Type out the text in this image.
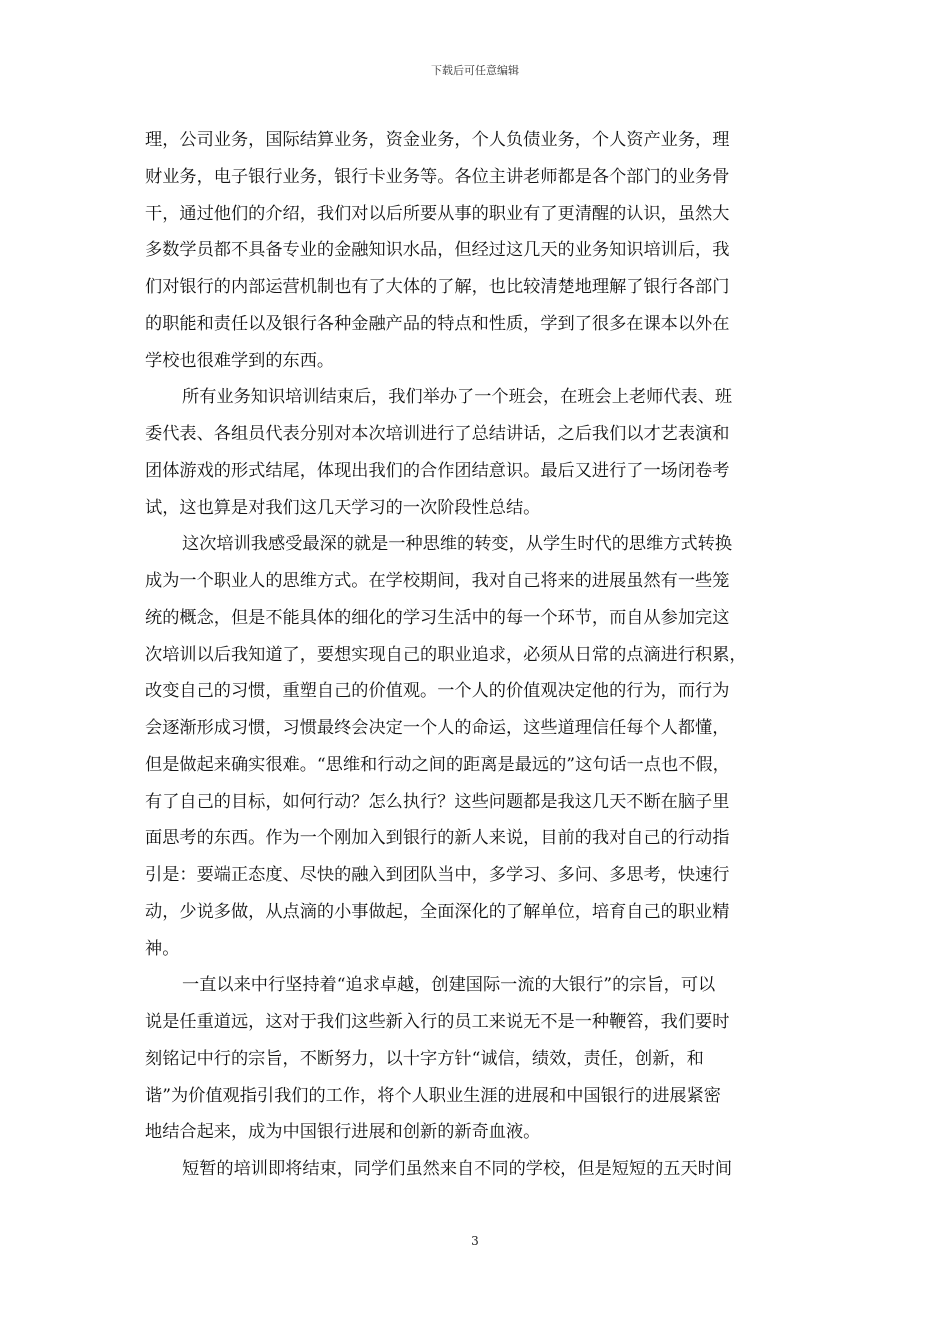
下载后可任意编辑
理，公司业务，国际结算业务，资金业务，个人负债业务，个人资产业务，理
财业务，电子银行业务，银行卡业务等。各位主讲老师都是各个部门的业务骨
干，通过他们的介绍，我们对以后所要从事的职业有了更清醒的认识，虽然大
多数学员都不具备专业的金融知识水品，但经过这几天的业务知识培训后，我
们对银行的内部运营机制也有了大体的了解，也比较清楚地理解了银行各部门
的职能和责任以及银行各种金融产品的特点和性质，学到了很多在课本以外在
学校也很难学到的东西。
所有业务知识培训结束后，我们举办了一个班会，在班会上老师代表、班
委代表、各组员代表分别对本次培训进行了总结讲话，之后我们以才艺表演和
团体游戏的形式结尾，体现出我们的合作团结意识。最后又进行了一场闭卷考
试，这也算是对我们这几天学习的一次阶段性总结。
这次培训我感受最深的就是一种思维的转变，从学生时代的思维方式转换
成为一个职业人的思维方式。在学校期间，我对自己将来的进展虽然有一些笼
统的概念，但是不能具体的细化的学习生活中的每一个环节，而自从参加完这
次培训以后我知道了，要想实现自己的职业追求，必须从日常的点滴进行积累，
改变自己的习惯，重塑自己的价值观。一个人的价值观决定他的行为，而行为
会逐渐形成习惯，习惯最终会决定一个人的命运，这些道理信任每个人都懂，
但是做起来确实很难。“思维和行动之间的距离是最远的”这句话一点也不假，
有了自己的目标，如何行动？怎么执行？这些问题都是我这几天不断在脑子里
面思考的东西。作为一个刚加入到银行的新人来说，目前的我对自己的行动指
引是：要端正态度、尽快的融入到团队当中，多学习、多问、多思考，快速行
动，少说多做，从点滴的小事做起，全面深化的了解单位，培育自己的职业精
神。
一直以来中行坚持着“追求卓越，创建国际一流的大银行”的宗旨，可以
说是任重道远，这对于我们这些新入行的员工来说无不是一种鞭笞，我们要时
刻铭记中行的宗旨，不断努力，以十字方针“诚信，绩效，责任，创新，和
谐”为价值观指引我们的工作，将个人职业生涯的进展和中国银行的进展紧密
地结合起来，成为中国银行进展和创新的新奇血液。
短暂的培训即将结束，同学们虽然来自不同的学校，但是短短的五天时间
3
